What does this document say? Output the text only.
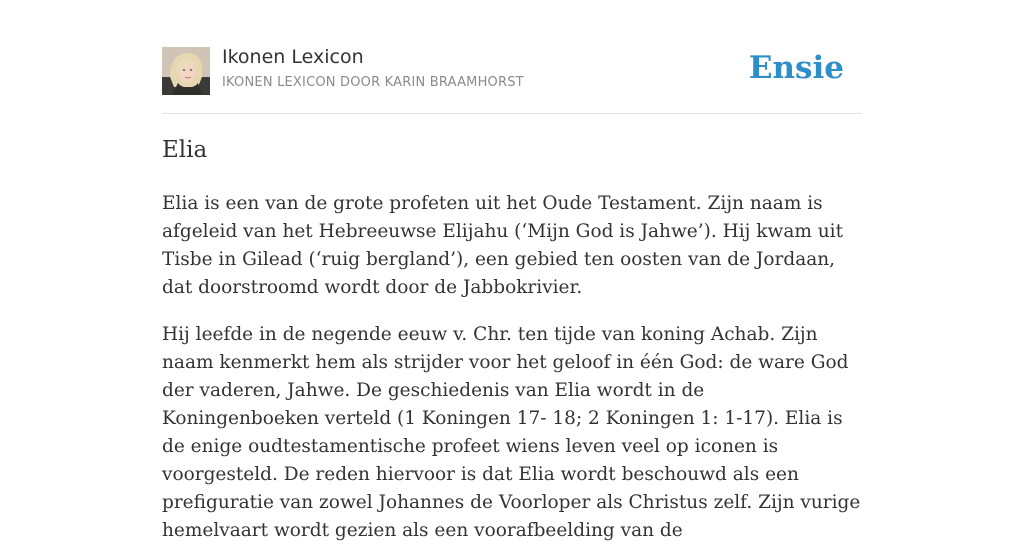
Ikonen Lexicon
IKONEN LEXICON DOOR KARIN BRAAMHORST	Ensie
Elia

Elia is een van de grote profeten uit het Oude Testament. Zijn naam is afgeleid van het Hebreeuwse Elijahu (‘Mijn God is Jahwe’). Hij kwam uit Tisbe in Gilead (‘ruig bergland’), een gebied ten oosten van de Jordaan, dat doorstroomd wordt door de Jabbokrivier.

Hij leefde in de negende eeuw v. Chr. ten tijde van koning Achab. Zijn naam kenmerkt hem als strijder voor het geloof in één God: de ware God der vaderen, Jahwe. De geschiedenis van Elia wordt in de Koningenboeken verteld (1 Koningen 17- 18; 2 Koningen 1: 1-17). Elia is de enige oudtestamentische profeet wiens leven veel op iconen is voorgesteld. De reden hiervoor is dat Elia wordt beschouwd als een prefiguratie van zowel Johannes de Voorloper als Christus zelf. Zijn vurige hemelvaart wordt gezien als een voorafbeelding van de
